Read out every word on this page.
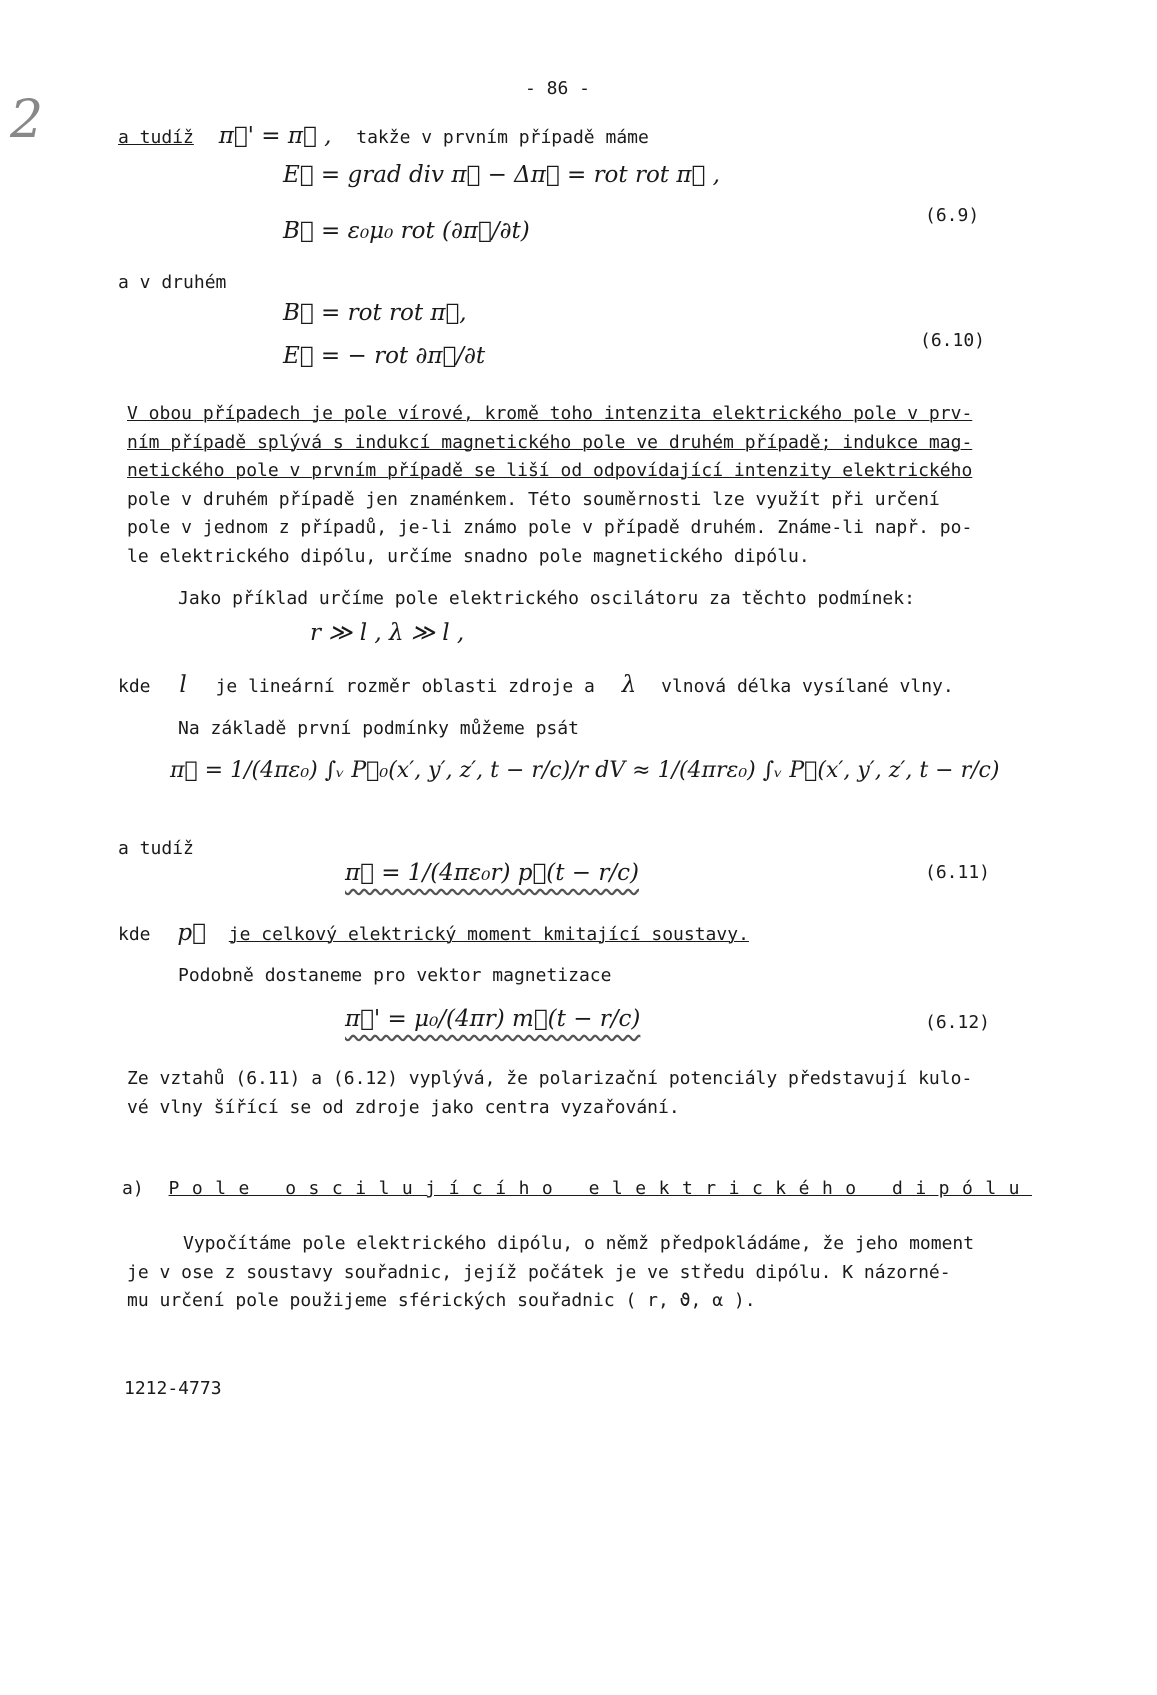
2
- 86 -
a tudíž π⃗' = π⃗ , takže v prvním případě máme
E⃗ = grad div π⃗ − Δπ⃗ = rot rot π⃗ ,
B⃗ = ε₀μ₀ rot (∂π⃗/∂t)
(6.9)
a v druhém
B⃗ = rot rot π⃗,
E⃗ = − rot ∂π⃗/∂t
(6.10)
V obou případech je pole vírové, kromě toho intenzita elektrického pole v prv-
ním případě splývá s indukcí magnetického pole ve druhém případě; indukce mag-
netického pole v prvním případě se liší od odpovídající intenzity elektrického
pole v druhém případě jen znaménkem. Této souměrnosti lze využít při určení
pole v jednom z případů, je-li známo pole v případě druhém. Známe-li např. po-
le elektrického dipólu, určíme snadno pole magnetického dipólu.
Jako příklad určíme pole elektrického oscilátoru za těchto podmínek:
r ≫ l , λ ≫ l ,
kde l je lineární rozměr oblasti zdroje a λ vlnová délka vysílané vlny.
Na základě první podmínky můžeme psát
π⃗ = 1/(4πε₀) ∫ᵥ P⃗₀(x′, y′, z′, t − r/c)/r dV ≈ 1/(4πrε₀) ∫ᵥ P⃗(x′, y′, z′, t − r/c)
a tudíž
π⃗ = 1/(4πε₀r) p⃗(t − r/c)	(6.11)
kde p⃗ je celkový elektrický moment kmitající soustavy.
Podobně dostaneme pro vektor magnetizace
π⃗' = μ₀/(4πr) m⃗(t − r/c)	(6.12)
Ze vztahů (6.11) a (6.12) vyplývá, že polarizační potenciály představují kulo-
vé vlny šířící se od zdroje jako centra vyzařování.
a) Pole oscilujícího elektrického dipólu
Vypočítáme pole elektrického dipólu, o němž předpokládáme, že jeho moment
je v ose z soustavy souřadnic, jejíž počátek je ve středu dipólu. K názorné-
mu určení pole použijeme sférických souřadnic ( r, ϑ, α ).
1212-4773
